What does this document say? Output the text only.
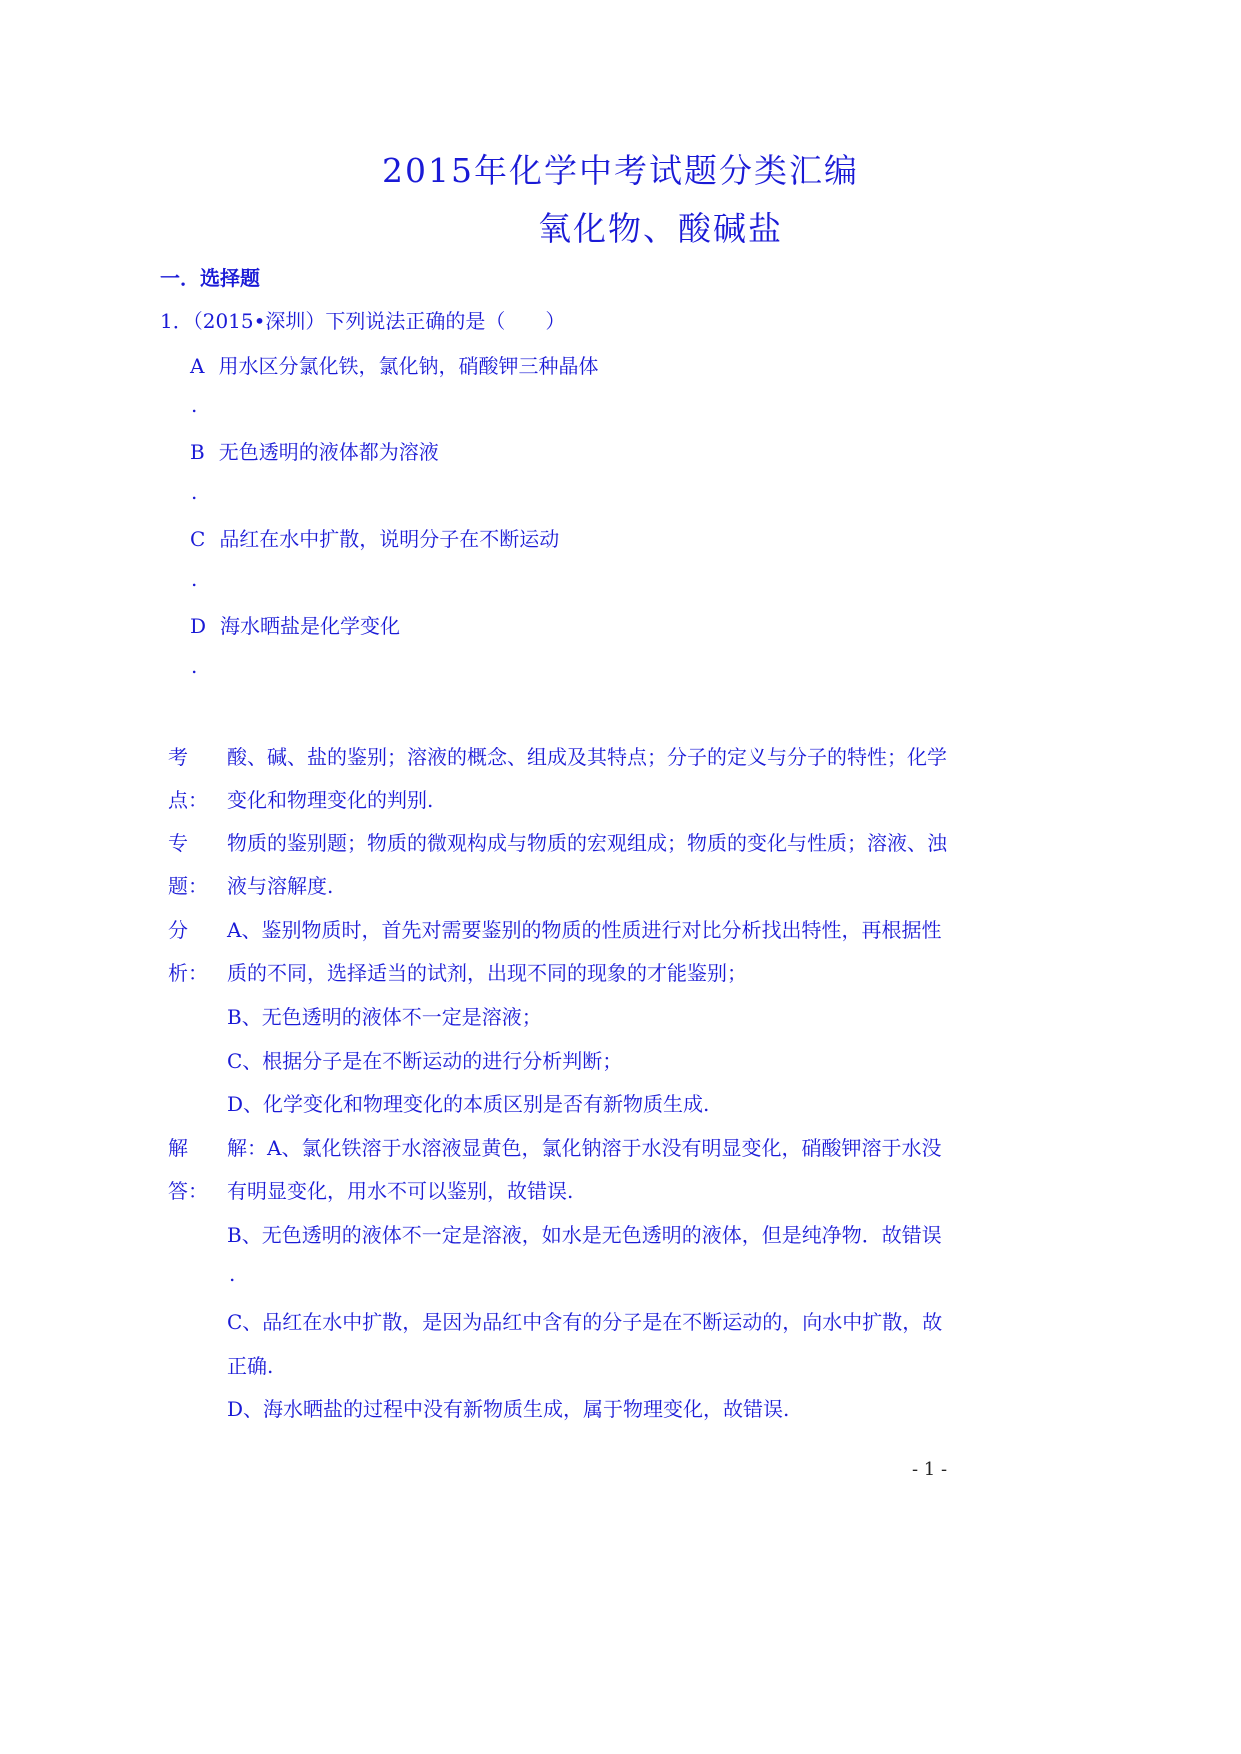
2015年化学中考试题分类汇编
氧化物、酸碱盐
一．选择题
1．（2015•深圳）下列说法正确的是（　　）
A 用水区分氯化铁，氯化钠，硝酸钾三种晶体
.
B 无色透明的液体都为溶液
.
C 品红在水中扩散，说明分子在不断运动
.
D 海水晒盐是化学变化
.
考
点：
酸、碱、盐的鉴别；溶液的概念、组成及其特点；分子的定义与分子的特性；化学
变化和物理变化的判别.
专
题：
物质的鉴别题；物质的微观构成与物质的宏观组成；物质的变化与性质；溶液、浊
液与溶解度.
分
析：
A、鉴别物质时，首先对需要鉴别的物质的性质进行对比分析找出特性，再根据性
质的不同，选择适当的试剂，出现不同的现象的才能鉴别；
B、无色透明的液体不一定是溶液；
C、根据分子是在不断运动的进行分析判断；
D、化学变化和物理变化的本质区别是否有新物质生成.
解
答：
解：A、氯化铁溶于水溶液显黄色，氯化钠溶于水没有明显变化，硝酸钾溶于水没
有明显变化，用水不可以鉴别，故错误.
B、无色透明的液体不一定是溶液，如水是无色透明的液体，但是纯净物．故错误
.
C、品红在水中扩散，是因为品红中含有的分子是在不断运动的，向水中扩散，故
正确.
D、海水晒盐的过程中没有新物质生成，属于物理变化，故错误.
- 1 -
